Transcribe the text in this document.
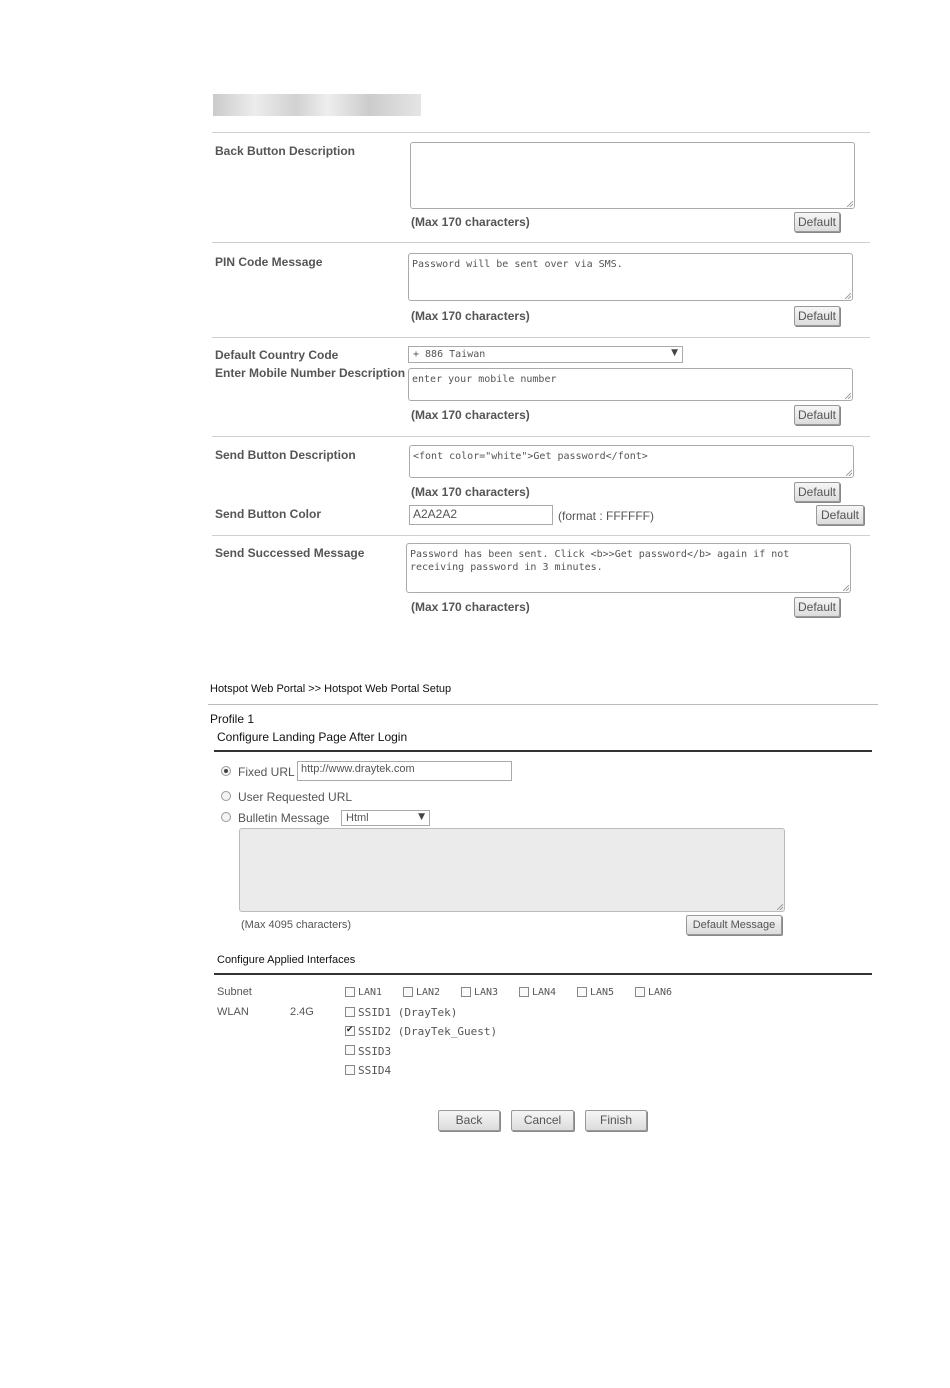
Back Button Description
(Max 170 characters)	Default
PIN Code Message	Password will be sent over via SMS.
(Max 170 characters)	Default
Default Country Code
Enter Mobile Number Description
+ 886 Taiwan	▼
enter your mobile number
(Max 170 characters)	Default
Send Button Description	<font color="white">Get password</font>
(Max 170 characters)	Default
Send Button Color	A2A2A2	(format : FFFFFF)	Default
Send Successed Message	Password has been sent. Click <b>>Get password</b> again if not
receiving password in 3 minutes.
(Max 170 characters)	Default
Hotspot Web Portal >> Hotspot Web Portal Setup
Profile 1
Configure Landing Page After Login
Fixed URL http://www.draytek.com
User Requested URL
Bulletin Message	Html	▼
(Max 4095 characters)	Default Message
Configure Applied Interfaces
Subnet	LAN1	LAN2	LAN3	LAN4	LAN5	LAN6
WLAN	2.4G	SSID1 (DrayTek)
✔
SSID2 (DrayTek_Guest)
SSID3
SSID4
Back	Cancel	Finish
